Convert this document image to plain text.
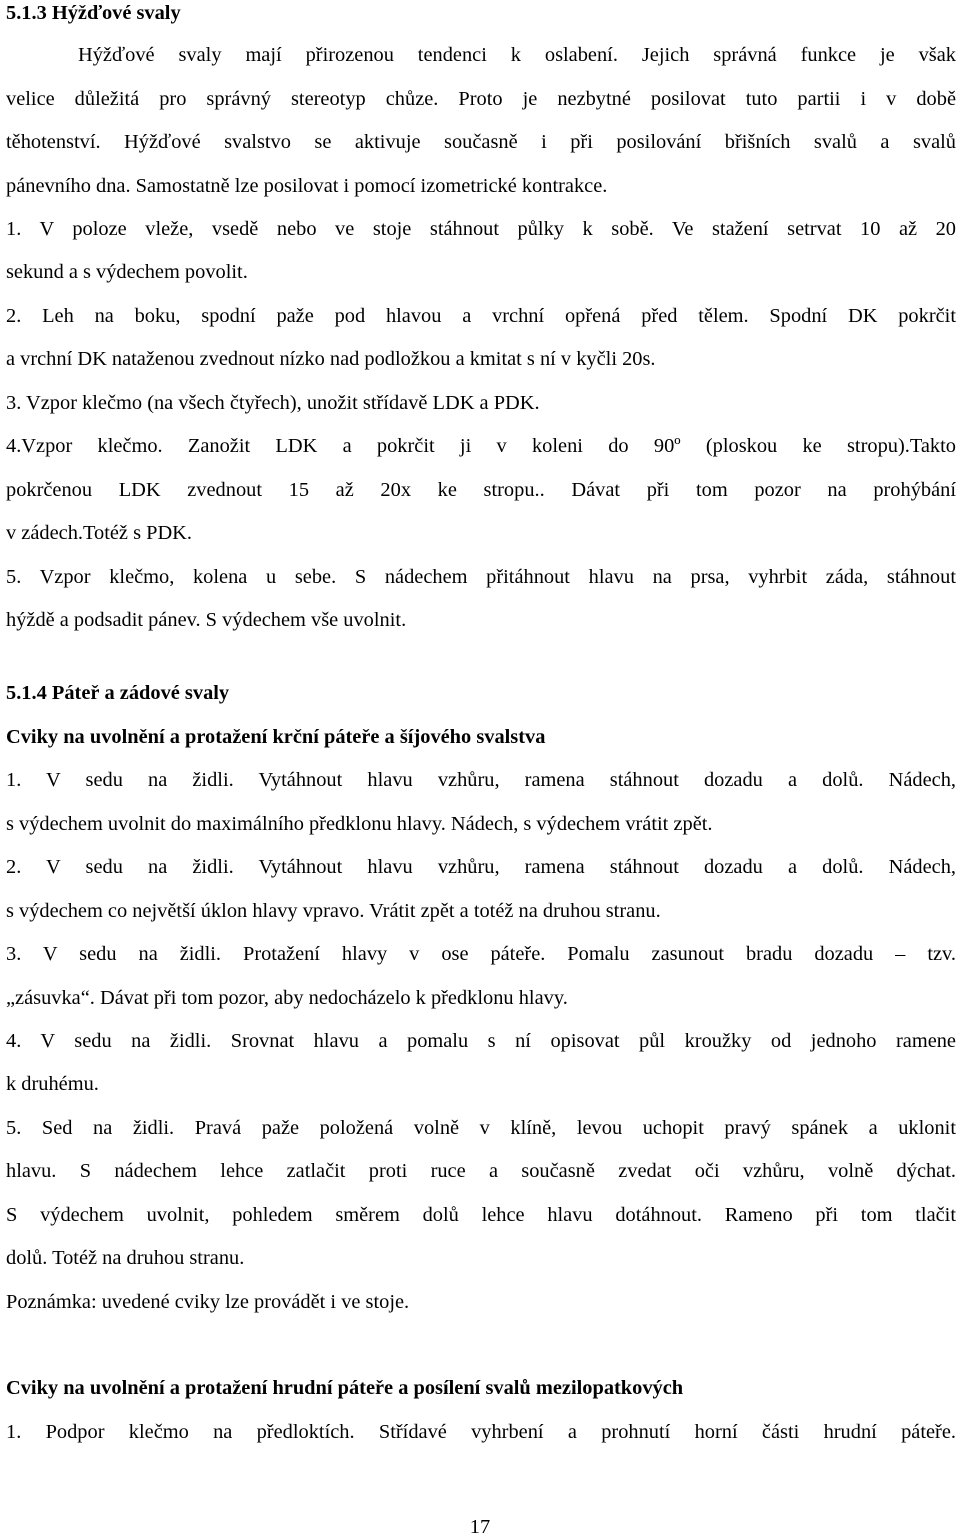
5.1.3 Hýžďové svaly
Hýžďové svaly mají přirozenou tendenci k oslabení. Jejich správná funkce je však
velice důležitá pro správný stereotyp chůze. Proto je nezbytné posilovat tuto partii i v době
těhotenství. Hýžďové svalstvo se aktivuje současně i při posilování břišních svalů a svalů
pánevního dna. Samostatně lze posilovat i pomocí izometrické kontrakce.
1. V poloze vleže, vsedě nebo ve stoje stáhnout půlky k sobě. Ve stažení setrvat 10 až 20
sekund a s výdechem povolit.
2. Leh na boku, spodní paže pod hlavou a vrchní opřená před tělem. Spodní DK pokrčit
a vrchní DK nataženou zvednout nízko nad podložkou a kmitat s ní v kyčli 20s.
3. Vzpor klečmo (na všech čtyřech), unožit střídavě LDK a PDK.
4.Vzpor klečmo. Zanožit LDK a pokrčit ji v koleni do 90º (ploskou ke stropu).Takto
pokrčenou LDK zvednout 15 až 20x ke stropu.. Dávat při tom pozor na prohýbání
v zádech.Totéž s PDK.
5. Vzpor klečmo, kolena u sebe. S nádechem přitáhnout hlavu na prsa, vyhrbit záda, stáhnout
hýždě a podsadit pánev. S výdechem vše uvolnit.
5.1.4 Páteř a zádové svaly
Cviky na uvolnění a protažení krční páteře a šíjového svalstva
1. V sedu na židli. Vytáhnout hlavu vzhůru, ramena stáhnout dozadu a dolů. Nádech,
s výdechem uvolnit do maximálního předklonu hlavy. Nádech, s výdechem vrátit zpět.
2. V sedu na židli. Vytáhnout hlavu vzhůru, ramena stáhnout dozadu a dolů. Nádech,
s výdechem co největší úklon hlavy vpravo. Vrátit zpět a totéž na druhou stranu.
3. V sedu na židli. Protažení hlavy v ose páteře. Pomalu zasunout bradu dozadu – tzv.
„zásuvka“. Dávat při tom pozor, aby nedocházelo k předklonu hlavy.
4. V sedu na židli. Srovnat hlavu a pomalu s ní opisovat půl kroužky od jednoho ramene
k druhému.
5. Sed na židli. Pravá paže položená volně v klíně, levou uchopit pravý spánek a uklonit
hlavu. S nádechem lehce zatlačit proti ruce a současně zvedat oči vzhůru, volně dýchat.
S výdechem uvolnit, pohledem směrem dolů lehce hlavu dotáhnout. Rameno při tom tlačit
dolů. Totéž na druhou stranu.
Poznámka: uvedené cviky lze provádět i ve stoje.
Cviky na uvolnění a protažení hrudní páteře a posílení svalů mezilopatkových
1. Podpor klečmo na předloktích. Střídavé vyhrbení a prohnutí horní části hrudní páteře.
17
